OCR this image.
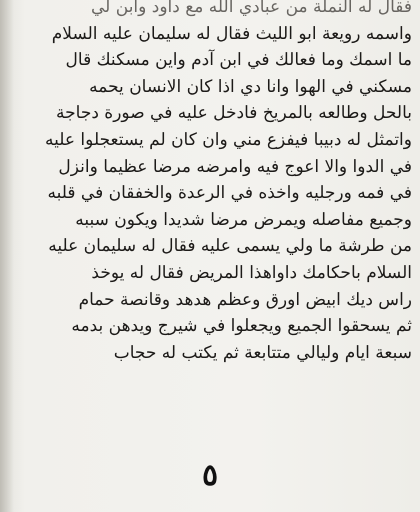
فقال له النملة من عبادي الله مع داود وابن لي
واسمه رويعة ابو الليث فقال له سليمان عليه السلام
ما اسمك وما فعالك في ابن آدم واين مسكنك قال
مسكني في الهوا وانا دي اذا كان الانسان يحمه
بالحل وطالعه بالمريخ فادخل عليه في صورة دجاجة
واتمثل له دبيبا فيفزع مني وان كان لم يستعجلوا عليه
في الدوا والا اعوج فيه وامرضه مرضا عظيما وانزل
في فمه ورجليه واخذه في الرعدة والخفقان في قلبه
وجميع مفاصله ويمرض مرضا شديدا ويكون سببه
من طرشة ما ولي يسمى عليه فقال له سليمان عليه
السلام باحكامك داواهذا المريض فقال له يوخذ
راس ديك ابيض اورق وعظم هدهد وقانصة حمام
ثم يسحقوا الجميع ويجعلوا في شيرج ويدهن بدمه
سبعة ايام وليالي متتابعة ثم يكتب له حجاب
٥
